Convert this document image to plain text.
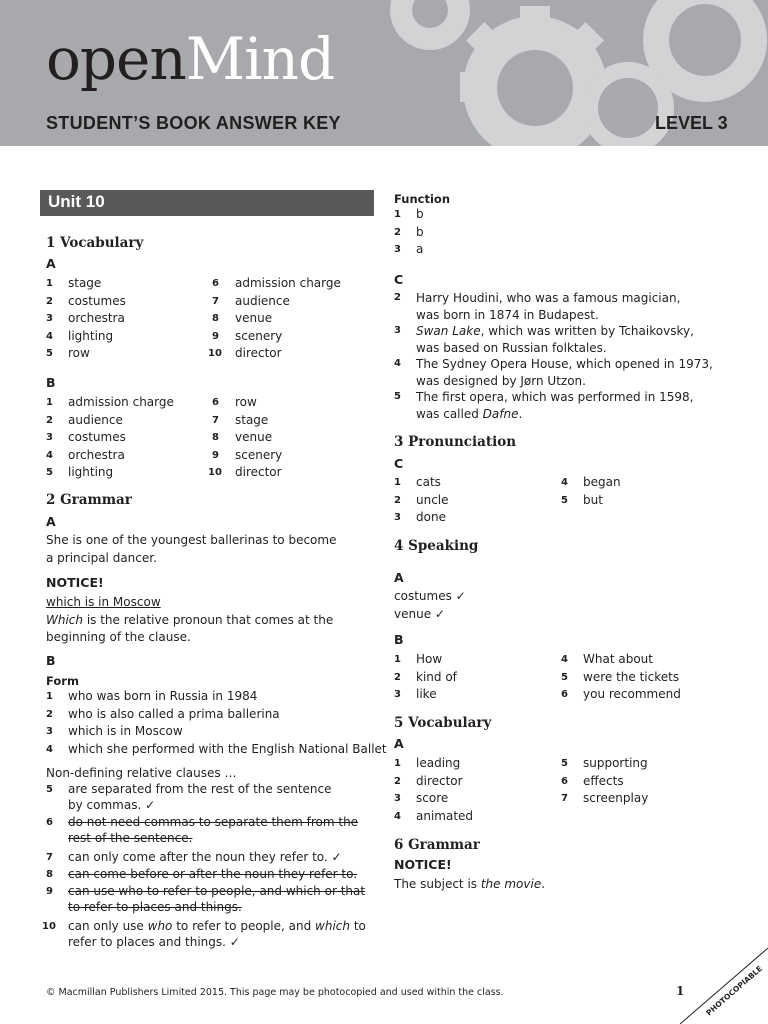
openMind
STUDENT’S BOOK ANSWER KEY	LEVEL 3
Unit 10
1 Vocabulary
A
1	stage	6	admission charge
2	costumes	7	audience
3	orchestra	8	venue
4	lighting	9	scenery
5	row	10	director
B
1	admission charge	6	row
2	audience	7	stage
3	costumes	8	venue
4	orchestra	9	scenery
5	lighting	10	director
2 Grammar
A
She is one of the youngest ballerinas to become
a principal dancer.
NOTICE!
which is in Moscow
Which is the relative pronoun that comes at the
beginning of the clause.
B
Form
1	who was born in Russia in 1984
2	who is also called a prima ballerina
3	which is in Moscow
4	which she performed with the English National Ballet
Non-defining relative clauses …
5	are separated from the rest of the sentence
by commas. ✓
6	do not need commas to separate them from the
rest of the sentence.
7	can only come after the noun they refer to. ✓
8	can come before or after the noun they refer to.
9	can use who to refer to people, and which or that
to refer to places and things.
10	can only use who to refer to people, and which to
refer to places and things. ✓
Function
1 b
2 b
3 a
C
2 Harry Houdini, who was a famous magician,
was born in 1874 in Budapest.
3 Swan Lake, which was written by Tchaikovsky,
was based on Russian folktales.
4 The Sydney Opera House, which opened in 1973,
was designed by Jørn Utzon.
5 The first opera, which was performed in 1598,
was called Dafne.
3 Pronunciation
C
1 cats	4 began
2 uncle	5 but
3 done
4 Speaking
A
costumes ✓
venue ✓
B
1 How	4 What about
2 kind of	5 were the tickets
3 like	6 you recommend
5 Vocabulary
A
1 leading	5 supporting
2 director	6 effects
3 score	7 screenplay
4 animated
6 Grammar
NOTICE!
The subject is the movie.
© Macmillan Publishers Limited 2015. This page may be photocopied and used within the class.	1	PHOTOCOPIABLE
